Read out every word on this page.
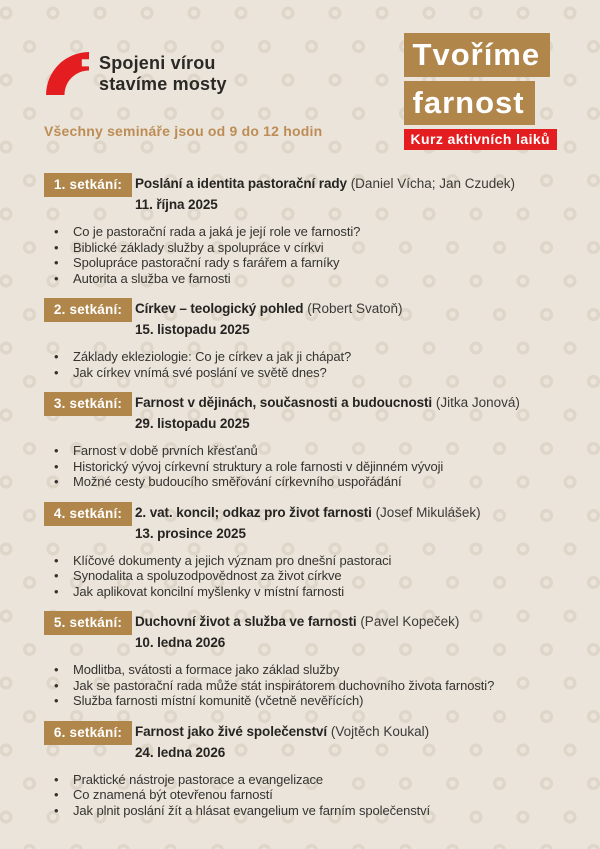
Spojeni vírou
stavíme mosty
Všechny semináře jsou od 9 do 12 hodin
Tvoříme
farnost
Kurz aktivních laiků
1. setkání: Poslání a identita pastorační rady (Daniel Vícha; Jan Czudek)
11. října 2025
• Co je pastorační rada a jaká je její role ve farnosti?
• Biblické základy služby a spolupráce v církvi
• Spolupráce pastorační rady s farářem a farníky
• Autorita a služba ve farnosti
2. setkání: Církev – teologický pohled (Robert Svatoň)
15. listopadu 2025
• Základy ekleziologie: Co je církev a jak ji chápat?
• Jak církev vnímá své poslání ve světě dnes?
3. setkání: Farnost v dějinách, současnosti a budoucnosti (Jitka Jonová)
29. listopadu 2025
• Farnost v době prvních křesťanů
• Historický vývoj církevní struktury a role farnosti v dějinném vývoji
• Možné cesty budoucího směřování církevního uspořádání
4. setkání: 2. vat. koncil; odkaz pro život farnosti (Josef Mikulášek)
13. prosince 2025
• Klíčové dokumenty a jejich význam pro dnešní pastoraci
• Synodalita a spoluzodpovědnost za život církve
• Jak aplikovat koncilní myšlenky v místní farnosti
5. setkání: Duchovní život a služba ve farnosti (Pavel Kopeček)
10. ledna 2026
• Modlitba, svátosti a formace jako základ služby
• Jak se pastorační rada může stát inspirátorem duchovního života farnosti?
• Služba farnosti místní komunitě (včetně nevěřících)
6. setkání: Farnost jako živé společenství (Vojtěch Koukal)
24. ledna 2026
• Praktické nástroje pastorace a evangelizace
• Co znamená být otevřenou farností
• Jak plnit poslání žít a hlásat evangelium ve farním společenství
